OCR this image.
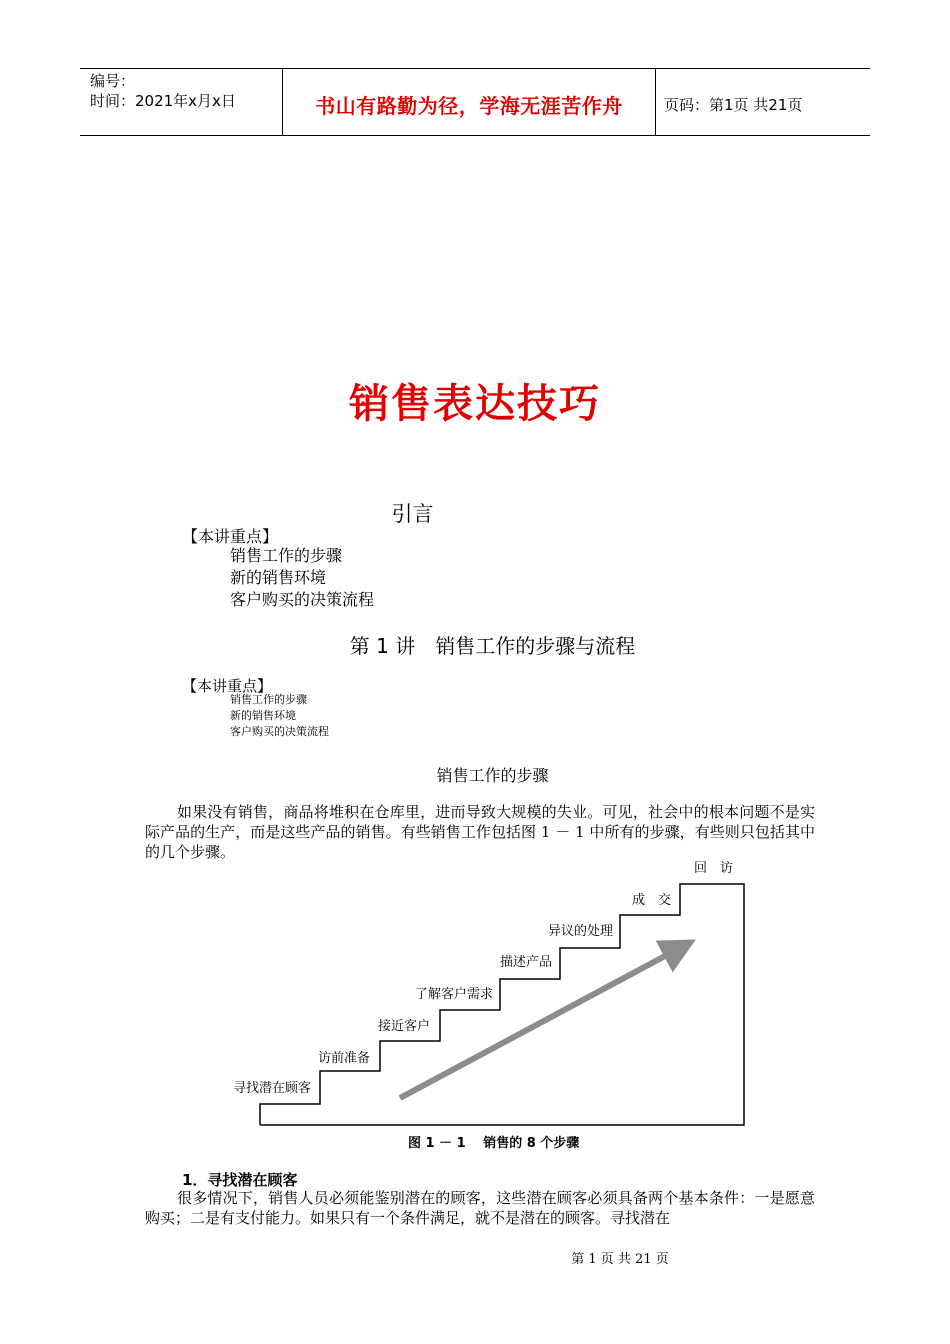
编号：
时间：2021年x月x日	书山有路勤为径，学海无涯苦作舟	页码：第1页 共21页
销售表达技巧
引言
【本讲重点】
销售工作的步骤
新的销售环境
客户购买的决策流程
第 1 讲　销售工作的步骤与流程
【本讲重点】
销售工作的步骤
新的销售环境
客户购买的决策流程
销售工作的步骤
如果没有销售，商品将堆积在仓库里，进而导致大规模的失业。可见，社会中的根本问题不是实际产品的生产，而是这些产品的销售。有些销售工作包括图 1 － 1 中所有的步骤，有些则只包括其中的几个步骤。
寻找潜在顾客
访前准备
接近客户
了解客户需求
描述产品
异议的处理
成　交
回　访
图 1 － 1　 销售的 8 个步骤
1．寻找潜在顾客
很多情况下，销售人员必须能鉴别潜在的顾客，这些潜在顾客必须具备两个基本条件：一是愿意购买；二是有支付能力。如果只有一个条件满足，就不是潜在的顾客。寻找潜在
第 1 页 共 21 页
